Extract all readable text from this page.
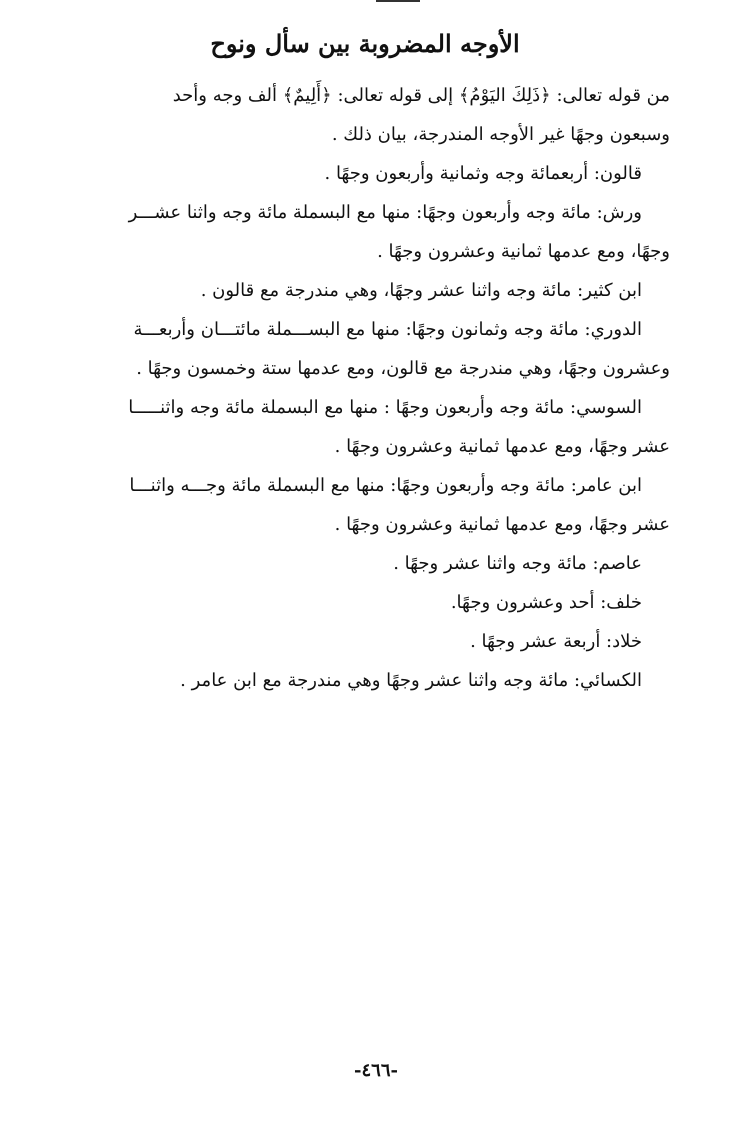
الأوجه المضروبة بين سأل ونوح

من قوله تعالى: ﴿ذَلِكَ اليَوْمُ﴾ إلى قوله تعالى: ﴿أَلِيمٌ﴾ ألف وجه وأحد

وسبعون وجهًا غير الأوجه المندرجة، بيان ذلك .

قالون: أربعمائة وجه وثمانية وأربعون وجهًا .

ورش: مائة وجه وأربعون وجهًا: منها مع البسملة مائة وجه واثنا عشـــر

وجهًا، ومع عدمها ثمانية وعشرون وجهًا .

ابن كثير: مائة وجه واثنا عشر وجهًا، وهي مندرجة مع قالون .

الدوري: مائة وجه وثمانون وجهًا: منها مع البســـملة مائتـــان وأربعـــة

وعشرون وجهًا، وهي مندرجة مع قالون، ومع عدمها ستة وخمسون وجهًا .

السوسي: مائة وجه وأربعون وجهًا : منها مع البسملة مائة وجه واثنـــــا

عشر وجهًا، ومع عدمها ثمانية وعشرون وجهًا .

ابن عامر: مائة وجه وأربعون وجهًا: منها مع البسملة مائة وجـــه واثنـــا

عشر وجهًا، ومع عدمها ثمانية وعشرون وجهًا .

عاصم: مائة وجه واثنا عشر وجهًا .

خلف: أحد وعشرون وجهًا.

خلاد: أربعة عشر وجهًا .

الكسائي: مائة وجه واثنا عشر وجهًا وهي مندرجة مع ابن عامر .

-٤٦٦-
